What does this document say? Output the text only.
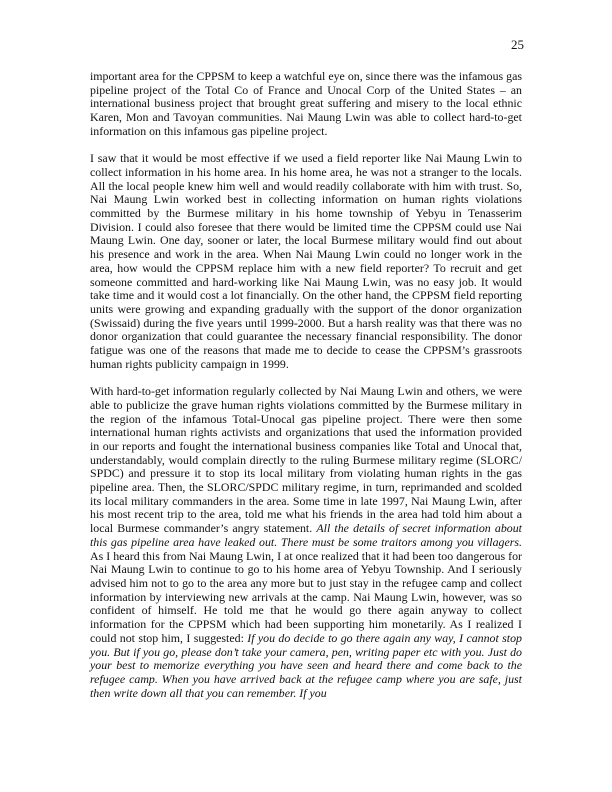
25

important area for the CPPSM to keep a watchful eye on, since there was the infamous gas pipeline project of the Total Co of France and Unocal Corp of the United States – an international business project that brought great suffering and misery to the local ethnic Karen, Mon and Tavoyan communities. Nai Maung Lwin was able to collect hard-to-get information on this infamous gas pipeline project.

I saw that it would be most effective if we used a field reporter like Nai Maung Lwin to collect information in his home area. In his home area, he was not a stranger to the locals. All the local people knew him well and would readily collaborate with him with trust. So, Nai Maung Lwin worked best in collecting information on human rights violations committed by the Burmese military in his home township of Yebyu in Tenasserim Division. I could also foresee that there would be limited time the CPPSM could use Nai Maung Lwin. One day, sooner or later, the local Burmese military would find out about his presence and work in the area. When Nai Maung Lwin could no longer work in the area, how would the CPPSM replace him with a new field reporter? To recruit and get someone committed and hard-working like Nai Maung Lwin, was no easy job. It would take time and it would cost a lot financially. On the other hand, the CPPSM field reporting units were growing and expanding gradually with the support of the donor organization (Swissaid) during the five years until 1999-2000. But a harsh reality was that there was no donor organization that could guarantee the necessary financial responsibility. The donor fatigue was one of the reasons that made me to decide to cease the CPPSM’s grassroots human rights publicity campaign in 1999.

With hard-to-get information regularly collected by Nai Maung Lwin and others, we were able to publicize the grave human rights violations committed by the Burmese military in the region of the infamous Total-Unocal gas pipeline project. There were then some international human rights activists and organizations that used the information provided in our reports and fought the international business companies like Total and Unocal that, understandably, would complain directly to the ruling Burmese military regime (SLORC/ SPDC) and pressure it to stop its local military from violating human rights in the gas pipeline area. Then, the SLORC/SPDC military regime, in turn, reprimanded and scolded its local military commanders in the area. Some time in late 1997, Nai Maung Lwin, after his most recent trip to the area, told me what his friends in the area had told him about a local Burmese commander’s angry statement. All the details of secret information about this gas pipeline area have leaked out. There must be some traitors among you villagers. As I heard this from Nai Maung Lwin, I at once realized that it had been too dangerous for Nai Maung Lwin to continue to go to his home area of Yebyu Township. And I seriously advised him not to go to the area any more but to just stay in the refugee camp and collect information by interviewing new arrivals at the camp. Nai Maung Lwin, however, was so confident of himself. He told me that he would go there again anyway to collect information for the CPPSM which had been supporting him monetarily. As I realized I could not stop him, I suggested: If you do decide to go there again any way, I cannot stop you. But if you go, please don’t take your camera, pen, writing paper etc with you. Just do your best to memorize everything you have seen and heard there and come back to the refugee camp. When you have arrived back at the refugee camp where you are safe, just then write down all that you can remember. If you
